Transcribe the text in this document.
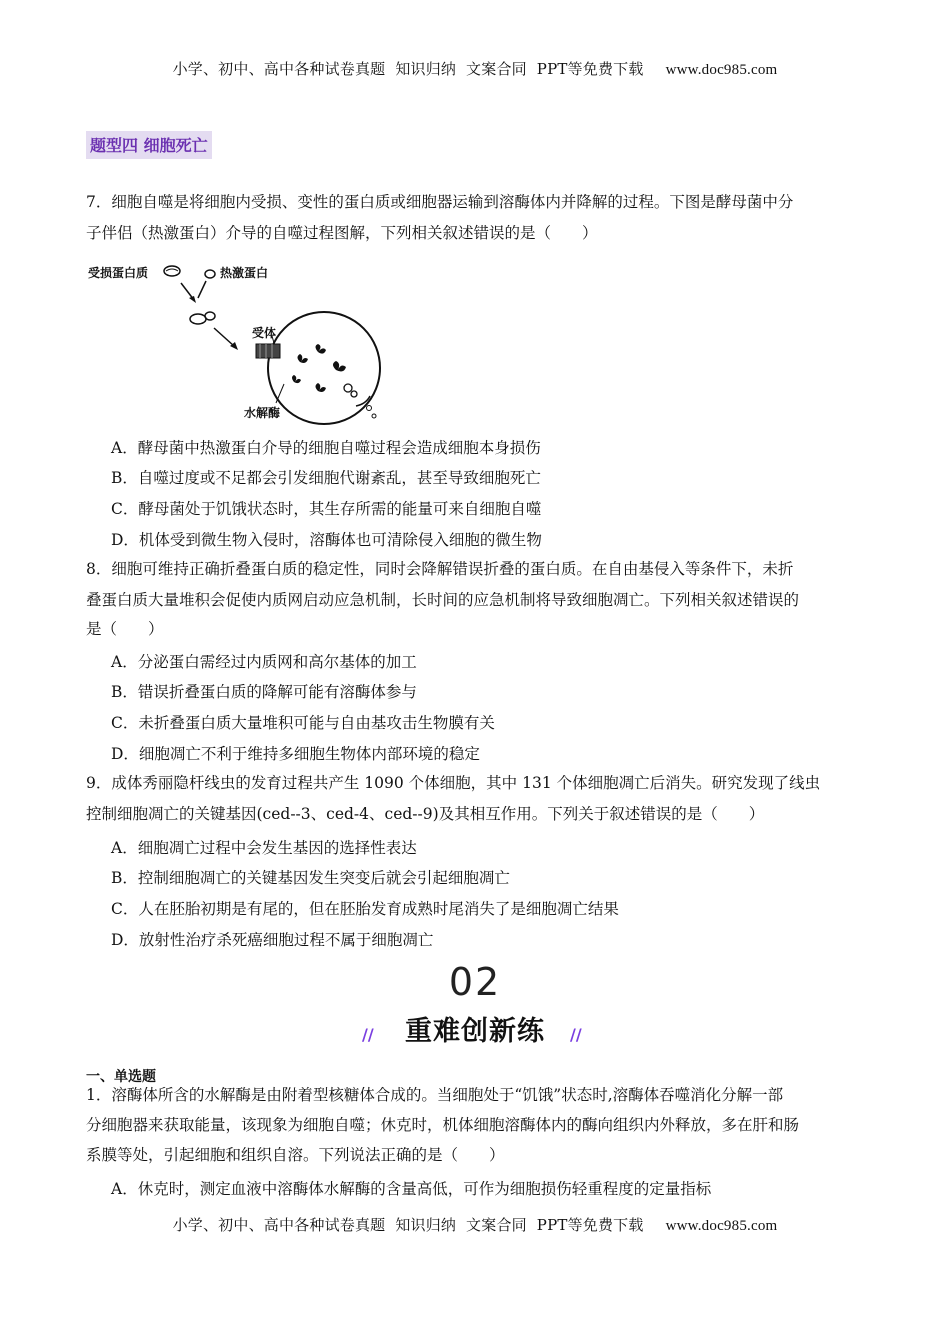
小学、初中、高中各种试卷真题  知识归纳  文案合同  PPT等免费下载 www.doc985.com
题型四 细胞死亡
7．细胞自噬是将细胞内受损、变性的蛋白质或细胞器运输到溶酶体内并降解的过程。下图是酵母菌中分
子伴侣（热激蛋白）介导的自噬过程图解，下列相关叙述错误的是（　　）
受损蛋白质	热激蛋白
受体
水解酶
A．酵母菌中热激蛋白介导的细胞自噬过程会造成细胞本身损伤
B．自噬过度或不足都会引发细胞代谢紊乱，甚至导致细胞死亡
C．酵母菌处于饥饿状态时，其生存所需的能量可来自细胞自噬
D．机体受到微生物入侵时，溶酶体也可清除侵入细胞的微生物
8．细胞可维持正确折叠蛋白质的稳定性，同时会降解错误折叠的蛋白质。在自由基侵入等条件下，未折
叠蛋白质大量堆积会促使内质网启动应急机制，长时间的应急机制将导致细胞凋亡。下列相关叙述错误的
是（　　）
A．分泌蛋白需经过内质网和高尔基体的加工
B．错误折叠蛋白质的降解可能有溶酶体参与
C．未折叠蛋白质大量堆积可能与自由基攻击生物膜有关
D．细胞凋亡不利于维持多细胞生物体内部环境的稳定
9．成体秀丽隐杆线虫的发育过程共产生 1090 个体细胞，其中 131 个体细胞凋亡后消失。研究发现了线虫
控制细胞凋亡的关键基因(ced--3、ced-4、ced--9)及其相互作用。下列关于叙述错误的是（　　）
A．细胞凋亡过程中会发生基因的选择性表达
B．控制细胞凋亡的关键基因发生突变后就会引起细胞凋亡
C．人在胚胎初期是有尾的，但在胚胎发育成熟时尾消失了是细胞凋亡结果
D．放射性治疗杀死癌细胞过程不属于细胞凋亡
02
//	重难创新练	//
一、单选题
1．溶酶体所含的水解酶是由附着型核糖体合成的。当细胞处于“饥饿”状态时,溶酶体吞噬消化分解一部
分细胞器来获取能量，该现象为细胞自噬；休克时，机体细胞溶酶体内的酶向组织内外释放，多在肝和肠
系膜等处，引起细胞和组织自溶。下列说法正确的是（　　）
A．休克时，测定血液中溶酶体水解酶的含量高低，可作为细胞损伤轻重程度的定量指标
小学、初中、高中各种试卷真题  知识归纳  文案合同  PPT等免费下载 www.doc985.com
